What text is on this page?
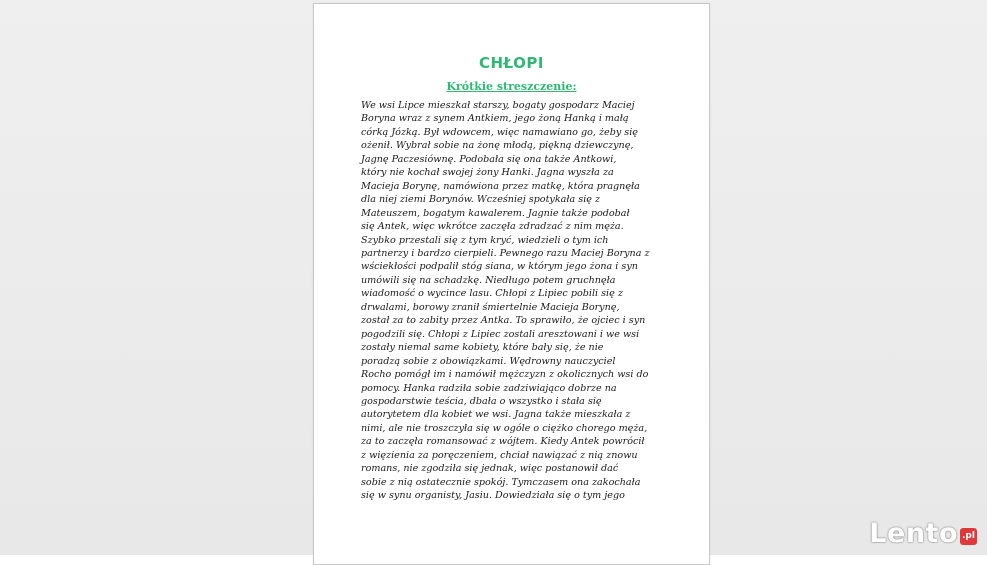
CHŁOPI
Krótkie streszczenie:
We wsi Lipce mieszkał starszy, bogaty gospodarz Maciej
Boryna wraz z synem Antkiem, jego żoną Hanką i małą
córką Józką. Był wdowcem, więc namawiano go, żeby się
ożenił. Wybrał sobie na żonę młodą, piękną dziewczynę,
Jagnę Paczesiównę. Podobała się ona także Antkowi,
który nie kochał swojej żony Hanki. Jagna wyszła za
Macieja Borynę, namówiona przez matkę, która pragnęła
dla niej ziemi Borynów. Wcześniej spotykała się z
Mateuszem, bogatym kawalerem. Jagnie także podobał
się Antek, więc wkrótce zaczęła zdradzać z nim męża.
Szybko przestali się z tym kryć, wiedzieli o tym ich
partnerzy i bardzo cierpieli. Pewnego razu Maciej Boryna z
wściekłości podpalił stóg siana, w którym jego żona i syn
umówili się na schadzkę. Niedługo potem gruchnęła
wiadomość o wycince lasu. Chłopi z Lipiec pobili się z
drwalami, borowy zranił śmiertelnie Macieja Borynę,
został za to zabity przez Antka. To sprawiło, że ojciec i syn
pogodzili się. Chłopi z Lipiec zostali aresztowani i we wsi
zostały niemal same kobiety, które bały się, że nie
poradzą sobie z obowiązkami. Wędrowny nauczyciel
Rocho pomógł im i namówił mężczyzn z okolicznych wsi do
pomocy. Hanka radziła sobie zadziwiająco dobrze na
gospodarstwie teścia, dbała o wszystko i stała się
autorytetem dla kobiet we wsi. Jagna także mieszkała z
nimi, ale nie troszczyła się w ogóle o ciężko chorego męża,
za to zaczęła romansować z wójtem. Kiedy Antek powrócił
z więzienia za poręczeniem, chciał nawiązać z nią znowu
romans, nie zgodziła się jednak, więc postanowił dać
sobie z nią ostatecznie spokój. Tymczasem ona zakochała
się w synu organisty, Jasiu. Dowiedziała się o tym jego
Lento .pl
